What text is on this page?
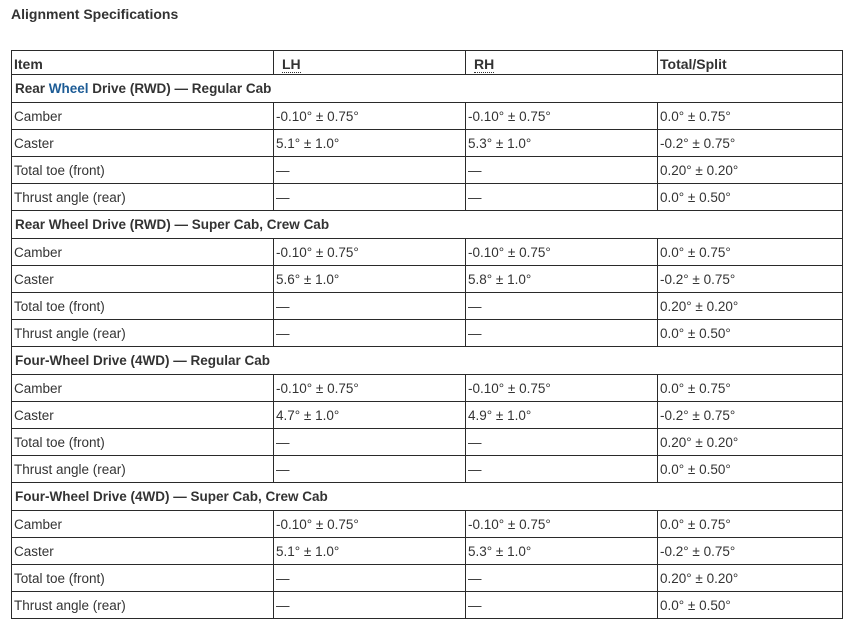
Alignment Specifications
Item	LH	RH	Total/Split
Rear Wheel Drive (RWD) — Regular Cab			
Camber	-0.10° ± 0.75°	-0.10° ± 0.75°	0.0° ± 0.75°
Caster	5.1° ± 1.0°	5.3° ± 1.0°	-0.2° ± 0.75°
Total toe (front)	—	—	0.20° ± 0.20°
Thrust angle (rear)	—	—	0.0° ± 0.50°
Rear Wheel Drive (RWD) — Super Cab, Crew Cab			
Camber	-0.10° ± 0.75°	-0.10° ± 0.75°	0.0° ± 0.75°
Caster	5.6° ± 1.0°	5.8° ± 1.0°	-0.2° ± 0.75°
Total toe (front)	—	—	0.20° ± 0.20°
Thrust angle (rear)	—	—	0.0° ± 0.50°
Four-Wheel Drive (4WD) — Regular Cab			
Camber	-0.10° ± 0.75°	-0.10° ± 0.75°	0.0° ± 0.75°
Caster	4.7° ± 1.0°	4.9° ± 1.0°	-0.2° ± 0.75°
Total toe (front)	—	—	0.20° ± 0.20°
Thrust angle (rear)	—	—	0.0° ± 0.50°
Four-Wheel Drive (4WD) — Super Cab, Crew Cab			
Camber	-0.10° ± 0.75°	-0.10° ± 0.75°	0.0° ± 0.75°
Caster	5.1° ± 1.0°	5.3° ± 1.0°	-0.2° ± 0.75°
Total toe (front)	—	—	0.20° ± 0.20°
Thrust angle (rear)	—	—	0.0° ± 0.50°
